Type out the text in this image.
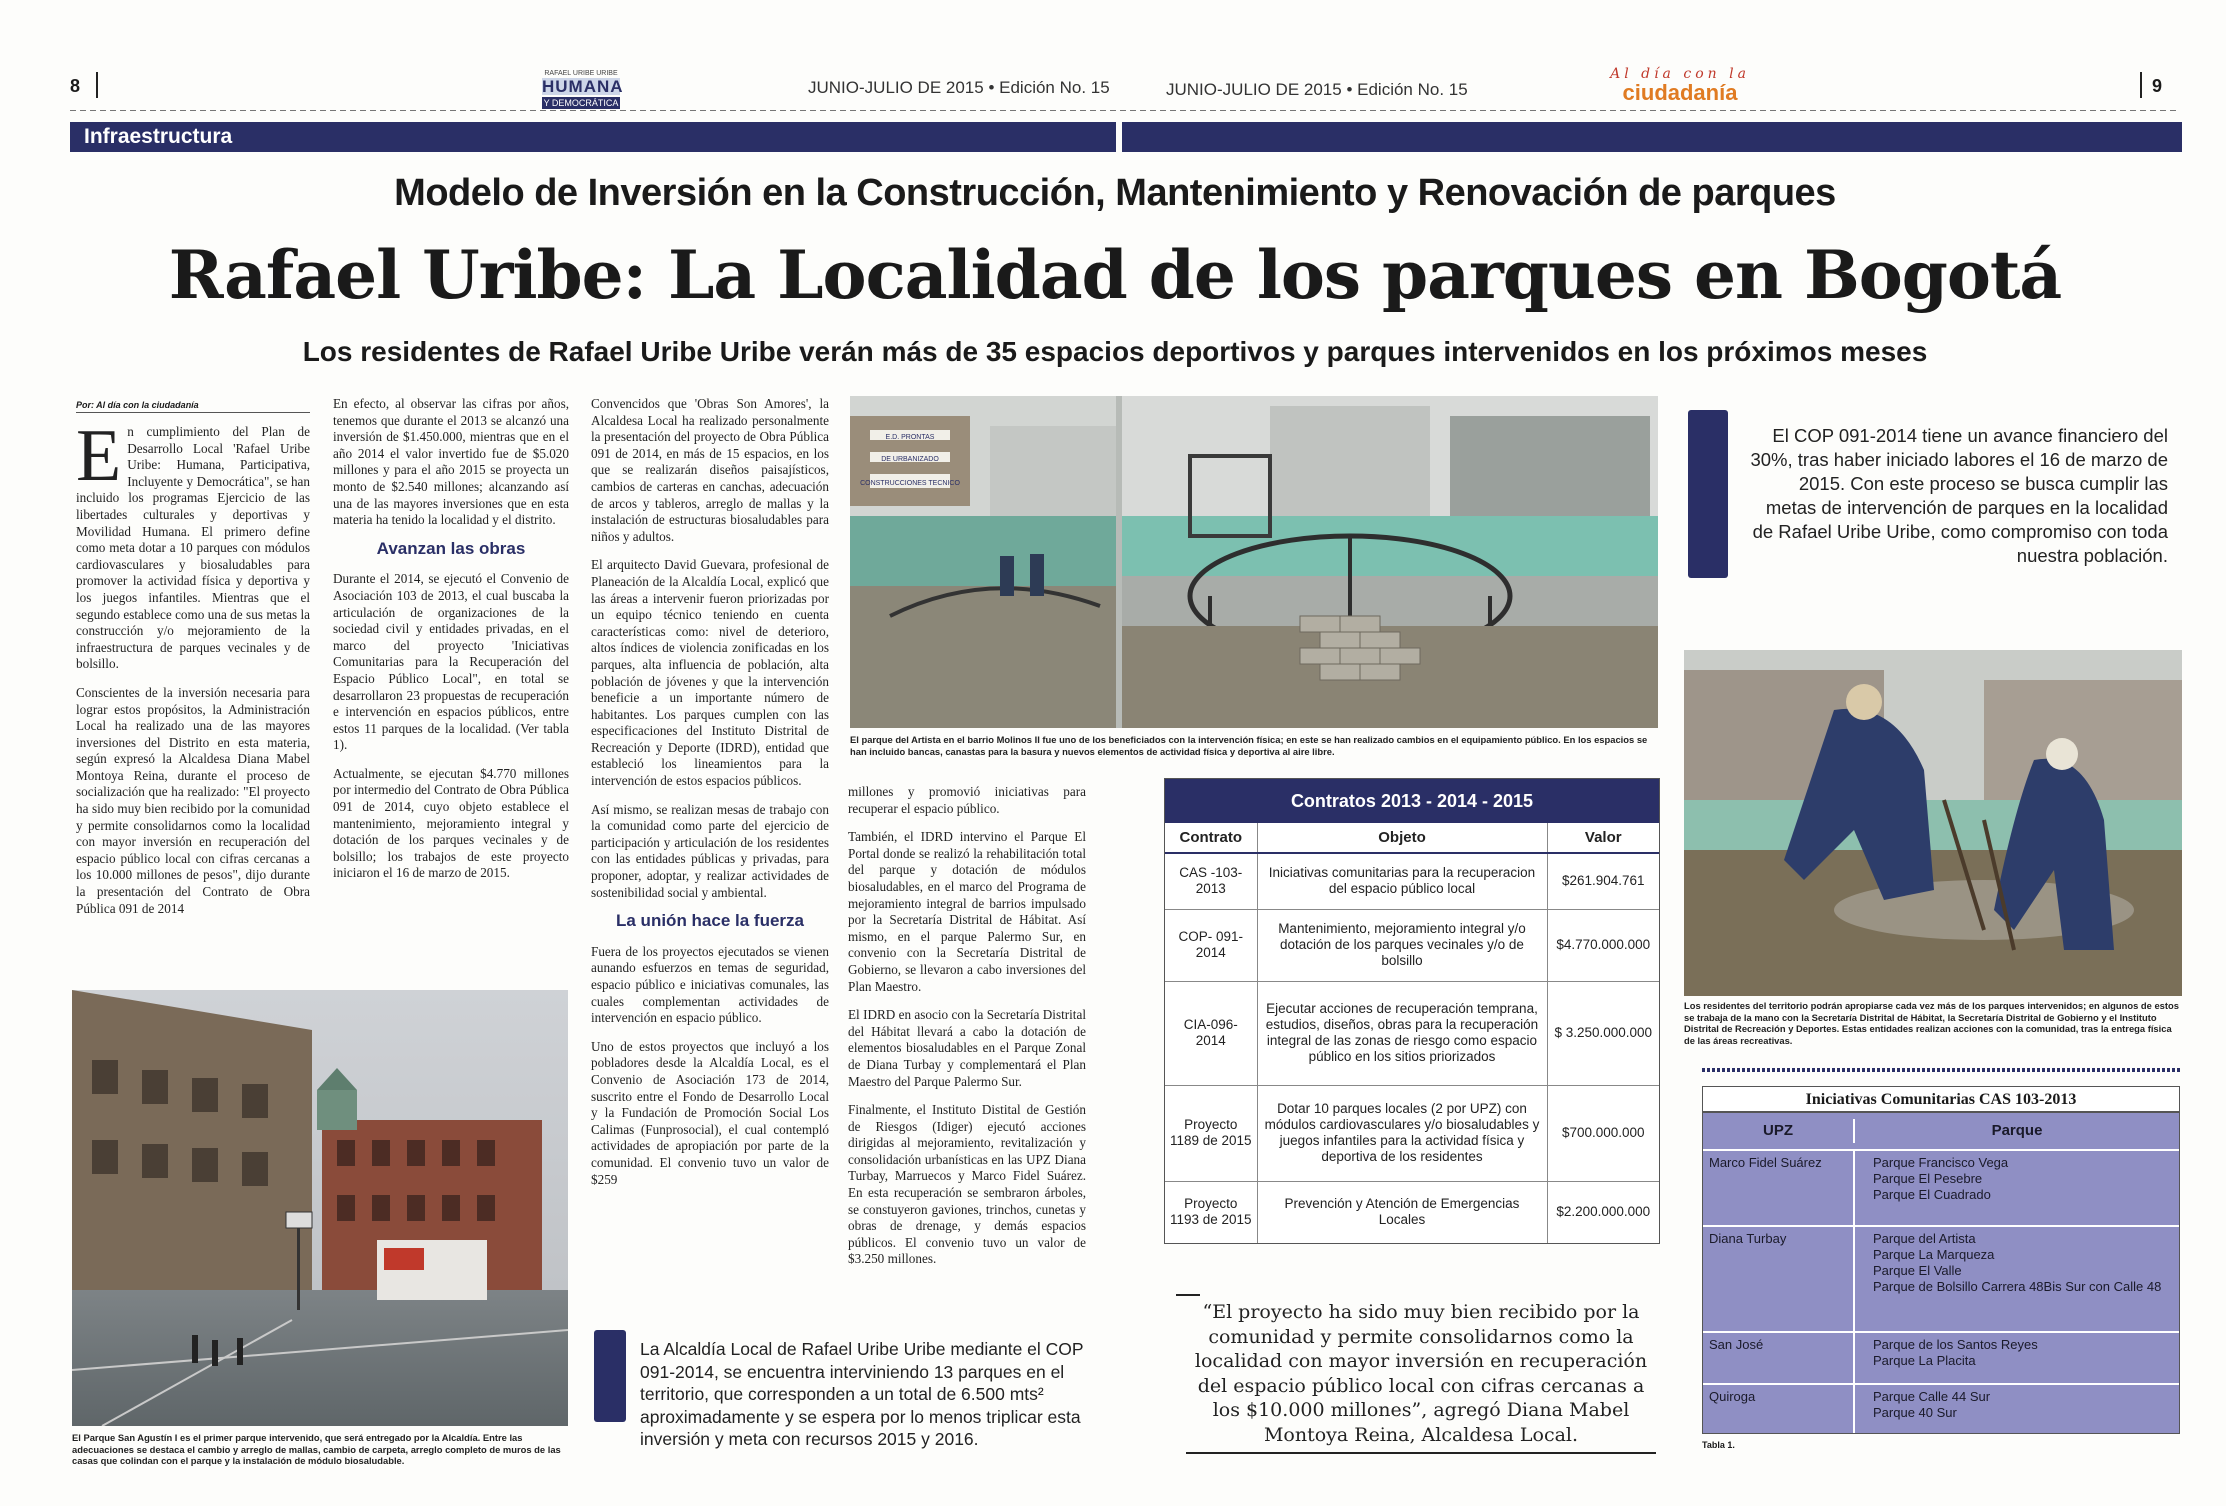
8
RAFAEL URIBE URIBE
HUMANA
Y DEMOCRÁTICA
JUNIO-JULIO DE 2015 • Edición No. 15	JUNIO-JULIO DE 2015 • Edición No. 15
Al día con la
ciudadanía	9
Infraestructura
Modelo de Inversión en la Construcción, Mantenimiento y Renovación de parques
Rafael Uribe: La Localidad de los parques en Bogotá
Los residentes de Rafael Uribe Uribe verán más de 35 espacios deportivos y parques intervenidos en los próximos meses
Por: Al día con la ciudadanía

En cumplimiento del Plan de Desarrollo Local 'Rafael Uribe Uribe: Humana, Participativa, Incluyente y Democrática", se han incluido los programas Ejercicio de las libertades culturales y deportivas y Movilidad Humana. El primero define como meta dotar a 10 parques con módulos cardiovasculares y biosaludables para promover la actividad física y deportiva y los juegos infantiles. Mientras que el segundo establece como una de sus metas la construcción y/o mejoramiento de la infraestructura de parques vecinales y de bolsillo.

Conscientes de la inversión necesaria para lograr estos propósitos, la Administración Local ha realizado una de las mayores inversiones del Distrito en esta materia, según expresó la Alcaldesa Diana Mabel Montoya Reina, durante el proceso de socialización que ha realizado: "El proyecto ha sido muy bien recibido por la comunidad y permite consolidarnos como la localidad con mayor inversión en recuperación del espacio público local con cifras cercanas a los 10.000 millones de pesos", dijo durante la presentación del Contrato de Obra Pública 091 de 2014

En efecto, al observar las cifras por años, tenemos que durante el 2013 se alcanzó una inversión de $1.450.000, mientras que en el año 2014 el valor invertido fue de $5.020 millones y para el año 2015 se proyecta un monto de $2.540 millones; alcanzando así una de las mayores inversiones que en esta materia ha tenido la localidad y el distrito.

Avanzan las obras

Durante el 2014, se ejecutó el Convenio de Asociación 103 de 2013, el cual buscaba la articulación de organizaciones de la sociedad civil y entidades privadas, en el marco del proyecto 'Iniciativas Comunitarias para la Recuperación del Espacio Público Local", en total se desarrollaron 23 propuestas de recuperación e intervención en espacios públicos, entre estos 11 parques de la localidad. (Ver tabla 1).

Actualmente, se ejecutan $4.770 millones por intermedio del Contrato de Obra Pública 091 de 2014, cuyo objeto establece el mantenimiento, mejoramiento integral y dotación de los parques vecinales y de bolsillo; los trabajos de este proyecto iniciaron el 16 de marzo de 2015.

Convencidos que 'Obras Son Amores', la Alcaldesa Local ha realizado personalmente la presentación del proyecto de Obra Pública 091 de 2014, en más de 15 espacios, en los que se realizarán diseños paisajísticos, cambios de carteras en canchas, adecuación de arcos y tableros, arreglo de mallas y la instalación de estructuras biosaludables para niños y adultos.

El arquitecto David Guevara, profesional de Planeación de la Alcaldía Local, explicó que las áreas a intervenir fueron priorizadas por un equipo técnico teniendo en cuenta características como: nivel de deterioro, altos índices de violencia zonificadas en los parques, alta influencia de población, alta población de jóvenes y que la intervención beneficie a un importante número de habitantes. Los parques cumplen con las especificaciones del Instituto Distrital de Recreación y Deporte (IDRD), entidad que estableció los lineamientos para la intervención de estos espacios públicos.

Así mismo, se realizan mesas de trabajo con la comunidad como parte del ejercicio de participación y articulación de los residentes con las entidades públicas y privadas, para proponer, adoptar, y realizar actividades de sostenibilidad social y ambiental.

La unión hace la fuerza

Fuera de los proyectos ejecutados se vienen aunando esfuerzos en temas de seguridad, espacio público e iniciativas comunales, las cuales complementan actividades de intervención en espacio público.

Uno de estos proyectos que incluyó a los pobladores desde la Alcaldía Local, es el Convenio de Asociación 173 de 2014, suscrito entre el Fondo de Desarrollo Local y la Fundación de Promoción Social Los Calimas (Funprosocial), el cual contempló actividades de apropiación por parte de la comunidad. El convenio tuvo un valor de $259

millones y promovió iniciativas para recuperar el espacio público.

También, el IDRD intervino el Parque El Portal donde se realizó la rehabilitación total del parque y dotación de módulos biosaludables, en el marco del Programa de mejoramiento integral de barrios impulsado por la Secretaría Distrital de Hábitat. Así mismo, en el parque Palermo Sur, en convenio con la Secretaría Distrital de Gobierno, se llevaron a cabo inversiones del Plan Maestro.

El IDRD en asocio con la Secretaría Distrital del Hábitat llevará a cabo la dotación de elementos biosaludables en el Parque Zonal de Diana Turbay y complementará el Plan Maestro del Parque Palermo Sur.

Finalmente, el Instituto Distital de Gestión de Riesgos (Idiger) ejecutó acciones dirigidas al mejoramiento, revitalización y consolidación urbanísticas en las UPZ Diana Turbay, Marruecos y Marco Fidel Suárez. En esta recuperación se sembraron árboles, se constuyeron gaviones, trinchos, cunetas y obras de drenage, y demás espacios públicos. El convenio tuvo un valor de $3.250 millones.

El Parque San Agustín I es el primer parque intervenido, que será entregado por la Alcaldía. Entre las adecuaciones se destaca el cambio y arreglo de mallas, cambio de carpeta, arreglo completo de muros de las casas que colindan con el parque y la instalación de módulo biosaludable.
La Alcaldía Local de Rafael Uribe Uribe mediante el COP 091-2014, se encuentra interviniendo 13 parques en el territorio, que corresponden a un total de 6.500 mts² aproximadamente y se espera por lo menos triplicar esta inversión y meta con recursos 2015 y 2016.
E.D. PRONTAS
DE URBANIZADO
CONSTRUCCIONES TECNICO
El parque del Artista en el barrio Molinos II fue uno de los beneficiados con la intervención física; en este se han realizado cambios en el equipamiento público. En los espacios se han incluido bancas, canastas para la basura y nuevos elementos de actividad física y deportiva al aire libre.
Contratos 2013 - 2014 - 2015
Contrato	Objeto	Valor
CAS -103-2013	Iniciativas comunitarias para la recuperacion del espacio público local	$261.904.761
COP- 091- 2014	Mantenimiento, mejoramiento integral y/o dotación de los parques vecinales y/o de bolsillo	$4.770.000.000
CIA-096-2014	Ejecutar acciones de recuperación temprana, estudios, diseños, obras para la recuperación integral de las zonas de riesgo como espacio público en los sitios priorizados	$ 3.250.000.000
Proyecto 1189 de 2015	Dotar 10 parques locales (2 por UPZ) con módulos cardiovasculares y/o biosaludables y juegos infantiles para la actividad física y deportiva de los residentes	$700.000.000
Proyecto 1193 de 2015	Prevención y Atención de Emergencias Locales	$2.200.000.000
“El proyecto ha sido muy bien recibido por la comunidad y permite consolidarnos como la localidad con mayor inversión en recuperación del espacio público local con cifras cercanas a los $10.000 millones”, agregó Diana Mabel Montoya Reina, Alcaldesa Local.
El COP 091-2014 tiene un avance financiero del 30%, tras haber iniciado labores el 16 de marzo de 2015. Con este proceso se busca cumplir las metas de intervención de parques en la localidad de Rafael Uribe Uribe, como compromiso con toda nuestra población.
Los residentes del territorio podrán apropiarse cada vez más de los parques intervenidos; en algunos de estos se trabaja de la mano con la Secretaría Distrital de Hábitat, la Secretaría Distrital de Gobierno y el Instituto Distrital de Recreación y Deportes. Estas entidades realizan acciones con la comunidad, tras la entrega física de las áreas recreativas.
Iniciativas Comunitarias CAS 103-2013
UPZ	Parque
Marco Fidel Suárez	Parque Francisco Vega
Parque El Pesebre
Parque El Cuadrado
Diana Turbay	Parque del Artista
Parque La Marqueza
Parque El Valle
Parque de Bolsillo Carrera 48Bis Sur con Calle 48
San José	Parque de los Santos Reyes
Parque La Placita
Quiroga	Parque Calle 44 Sur
Parque 40 Sur
Tabla 1.
